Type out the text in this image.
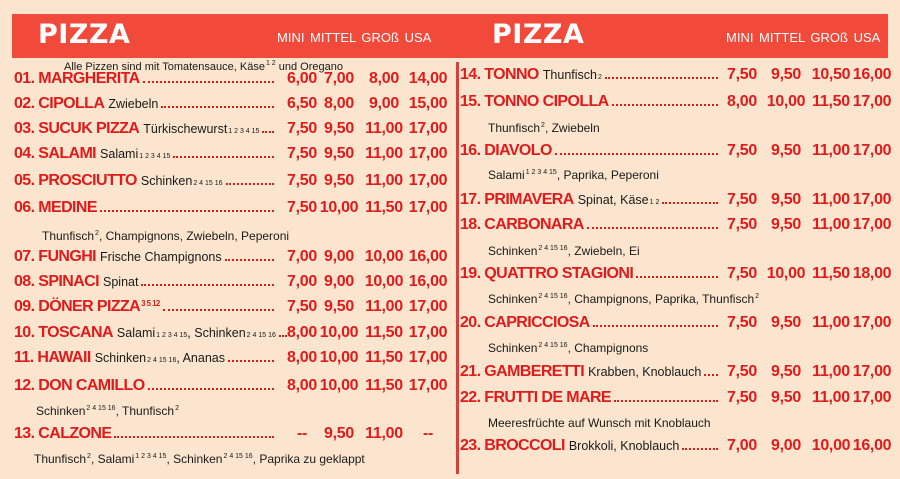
PIZZA	MINI MITTEL GROß USA PIZZA	MINI MITTEL GROß USA
Alle Pizzen sind mit Tomatensauce, Käse$^{1 2}$ und Oregano
01. MARGHERITA	6,00 7,00 8,00 14,00
02. CIPOLLA Zwiebeln	6,50 8,00 9,00 15,00
03. SUCUK PIZZA Türkischewurst 1 2 3 4 15 7,50 9,50 11,00 17,00
04. SALAMI Salami 1 2 3 4 15	7,50 9,50 11,00 17,00
05. PROSCIUTTO Schinken 2 4 15 16	7,50 9,50 11,00 17,00
06. MEDINE	7,50 10,00 11,50 17,00
Thunfisch$^2$, Champignons, Zwiebeln, Peperoni
07. FUNGHI Frische Champignons	7,00 9,00 10,00 16,00
08. SPINACI Spinat	7,00 9,00 10,00 16,00
09. DÖNER $PIZZA^{3 5 12}$	7,50 9,50 11,00 17,00
10. TOSCANA Salami 1 2 3 4 15 , Schinken 2 4 15 16 8,00 10,00 11,50 17,00
11. HAWAII Schinken 2 4 15 16 , Ananas	8,00 10,00 11,50 17,00
12. DON CAMILLO	8,00 10,00 11,50 17,00
Schinken$^{2 4 15 16}$, Thunfisch$^2$
13. CALZONE	-- 9,50 11,00 --
Thunfisch$^2$, Salami$^{1 2 3 4 15}$, Schinken$^{2 4 15 16}$, Paprika zu geklappt
14. TONNO Thunfisch 2	7,50 9,50 10,50 16,00
15. TONNO CIPOLLA	8,00 10,00 11,50 17,00
Thunfisch$^2$, Zwiebeln
16. DIAVOLO	7,50 9,50 11,00 17,00
Salami$^{1 2 3 4 15}$, Paprika, Peperoni
17. PRIMAVERA Spinat, Käse 1 2	7,50 9,50 11,00 17,00
18. CARBONARA	7,50 9,50 11,00 17,00
Schinken$^{2 4 15 16}$, Zwiebeln, Ei
19. QUATTRO STAGIONI	7,50 10,00 11,50 18,00
Schinken$^{2 4 15 16}$, Champignons, Paprika, Thunfisch$^2$
20. CAPRICCIOSA	7,50 9,50 11,00 17,00
Schinken$^{2 4 15 16}$, Champignons
21. GAMBERETTI Krabben, Knoblauch 7,50 9,50 11,00 17,00
22. FRUTTI DE MARE	7,50 9,50 11,00 17,00
Meeresfrüchte auf Wunsch mit Knoblauch
23. BROCCOLI Brokkoli, Knoblauch	7,00 9,00 10,00 16,00
